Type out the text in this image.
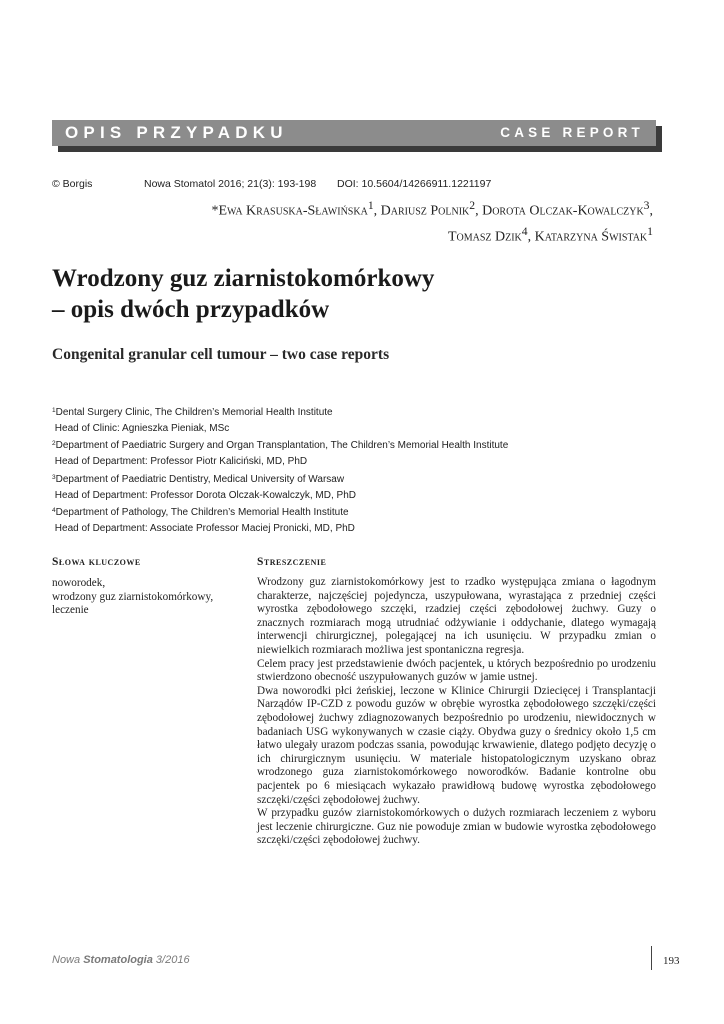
OPIS PRZYPADKU	CASE REPORT
© Borgis	Nowa Stomatol 2016; 21(3): 193-198 DOI: 10.5604/14266911.1221197
*Ewa Krasuska-Sławińska$^1$, Dariusz Polnik$^2$, Dorota Olczak-Kowalczyk$^3$,
Tomasz Dzik$^4$, Katarzyna Świstak$^1$
Wrodzony guz ziarnistokomórkowy
– opis dwóch przypadków
Congenital granular cell tumour – two case reports
$^1$Dental Surgery Clinic, The Children’s Memorial Health Institute
Head of Clinic: Agnieszka Pieniak, MSc
$^2$Department of Paediatric Surgery and Organ Transplantation, The Children’s Memorial Health Institute
Head of Department: Professor Piotr Kaliciński, MD, PhD
$^3$Department of Paediatric Dentistry, Medical University of Warsaw
Head of Department: Professor Dorota Olczak-Kowalczyk, MD, PhD
$^4$Department of Pathology, The Children’s Memorial Health Institute
Head of Department: Associate Professor Maciej Pronicki, MD, PhD
Słowa kluczowe	Streszczenie
noworodek,
wrodzony guz ziarnistokomórkowy,
leczenie

Wrodzony guz ziarnistokomórkowy jest to rzadko występująca zmiana o łagodnym charakterze, najczęściej pojedyncza, uszypułowana, wyrastająca z przedniej części wyrostka zębodołowego szczęki, rzadziej części zębodołowej żuchwy. Guzy o znacznych rozmiarach mogą utrudniać odżywianie i oddychanie, dlatego wymagają interwencji chirurgicznej, polegającej na ich usunięciu. W przypadku zmian o niewielkich rozmiarach możliwa jest spontaniczna regresja.

Celem pracy jest przedstawienie dwóch pacjentek, u których bezpośrednio po urodzeniu stwierdzono obecność uszypułowanych guzów w jamie ustnej.

Dwa noworodki płci żeńskiej, leczone w Klinice Chirurgii Dziecięcej i Transplantacji Narządów IP-CZD z powodu guzów w obrębie wyrostka zębodołowego szczęki/części zębodołowej żuchwy zdiagnozowanych bezpośrednio po urodzeniu, niewidocznych w badaniach USG wykonywanych w czasie ciąży. Obydwa guzy o średnicy około 1,5 cm łatwo ulegały urazom podczas ssania, powodując krwawienie, dlatego podjęto decyzję o ich chirurgicznym usunięciu. W materiale histopatologicznym uzyskano obraz wrodzonego guza ziarnistokomórkowego noworodków. Badanie kontrolne obu pacjentek po 6 miesiącach wykazało prawidłową budowę wyrostka zębodołowego szczęki/części zębodołowej żuchwy.

W przypadku guzów ziarnistokomórkowych o dużych rozmiarach leczeniem z wyboru jest leczenie chirurgiczne. Guz nie powoduje zmian w budowie wyrostka zębodołowego szczęki/części zębodołowej żuchwy.

Nowa Stomatologia 3/2016	193
